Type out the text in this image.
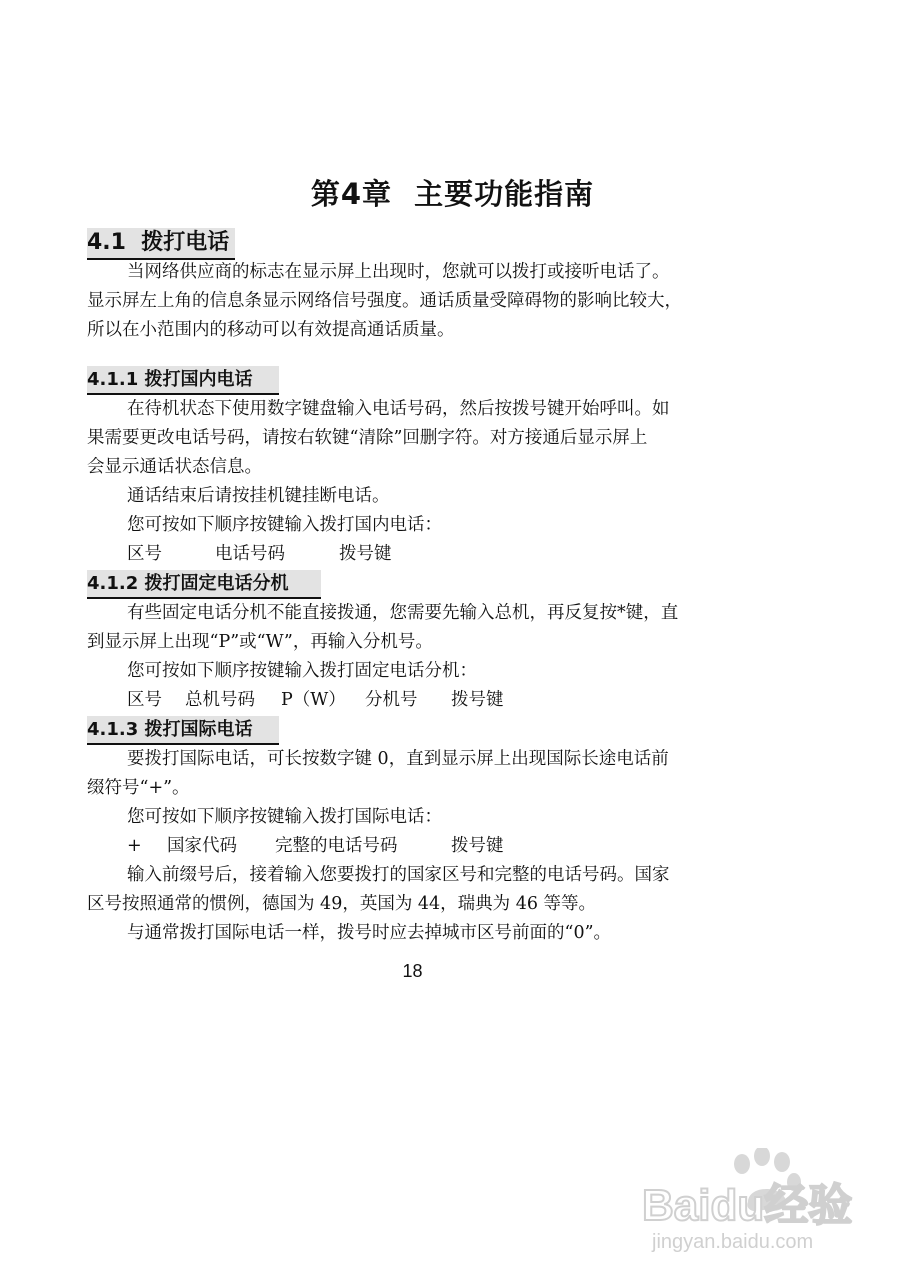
第4章  主要功能指南
4.1  拨打电话
当网络供应商的标志在显示屏上出现时，您就可以拨打或接听电话了。
显示屏左上角的信息条显示网络信号强度。通话质量受障碍物的影响比较大，
所以在小范围内的移动可以有效提高通话质量。
4.1.1 拨打国内电话
在待机状态下使用数字键盘输入电话号码，然后按拨号键开始呼叫。如
果需要更改电话号码，请按右软键“清除”回删字符。对方接通后显示屏上
会显示通话状态信息。
通话结束后请按挂机键挂断电话。
您可按如下顺序按键输入拨打国内电话：
区号	电话号码	拨号键
4.1.2 拨打固定电话分机
有些固定电话分机不能直接拨通，您需要先输入总机，再反复按*键，直
到显示屏上出现“P”或“W”，再输入分机号。
您可按如下顺序按键输入拨打固定电话分机：
区号 总机号码 P（W） 分机号 拨号键
4.1.3 拨打国际电话
要拨打国际电话，可长按数字键 0，直到显示屏上出现国际长途电话前
缀符号“+”。
您可按如下顺序按键输入拨打国际电话：
+ 国家代码 完整的电话号码	拨号键
输入前缀号后，接着输入您要拨打的国家区号和完整的电话号码。国家
区号按照通常的惯例，德国为 49，英国为 44，瑞典为 46 等等。
与通常拨打国际电话一样，拨号时应去掉城市区号前面的“0”。
18
Baidu经验
jingyan.baidu.com
